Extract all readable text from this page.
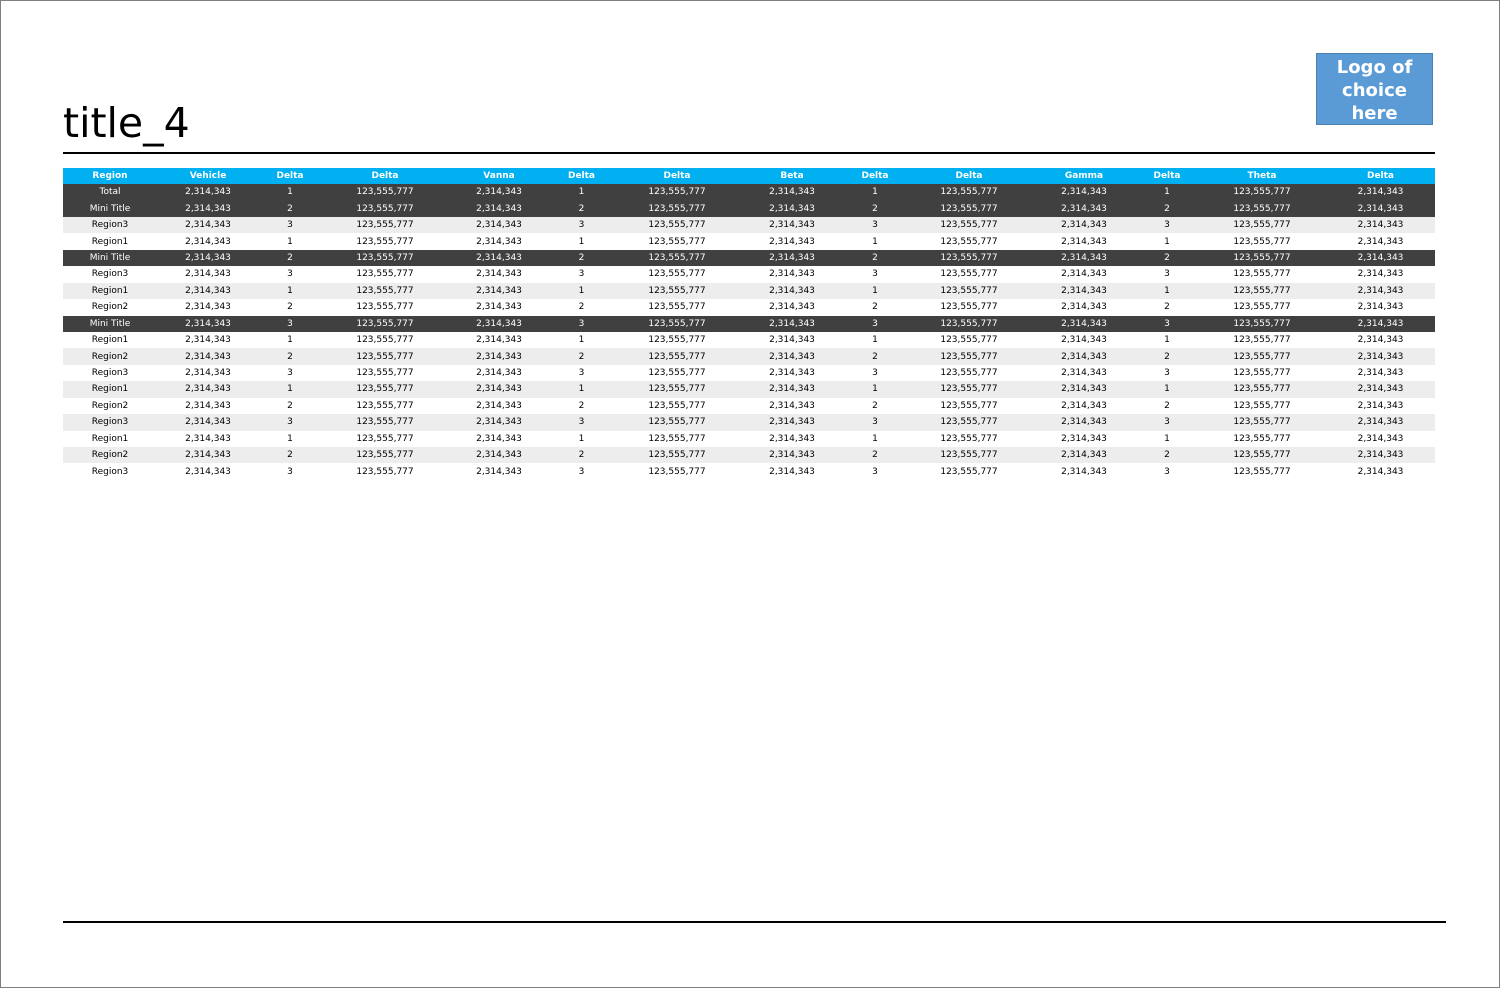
title_4
Logo of
choice
here
Region	Vehicle	Delta	Delta	Vanna	Delta	Delta	Beta	Delta	Delta	Gamma	Delta	Theta	Delta
Total	2,314,343	1	123,555,777	2,314,343	1	123,555,777	2,314,343	1	123,555,777	2,314,343	1	123,555,777	2,314,343
Mini Title	2,314,343	2	123,555,777	2,314,343	2	123,555,777	2,314,343	2	123,555,777	2,314,343	2	123,555,777	2,314,343
Region3	2,314,343	3	123,555,777	2,314,343	3	123,555,777	2,314,343	3	123,555,777	2,314,343	3	123,555,777	2,314,343
Region1	2,314,343	1	123,555,777	2,314,343	1	123,555,777	2,314,343	1	123,555,777	2,314,343	1	123,555,777	2,314,343
Mini Title	2,314,343	2	123,555,777	2,314,343	2	123,555,777	2,314,343	2	123,555,777	2,314,343	2	123,555,777	2,314,343
Region3	2,314,343	3	123,555,777	2,314,343	3	123,555,777	2,314,343	3	123,555,777	2,314,343	3	123,555,777	2,314,343
Region1	2,314,343	1	123,555,777	2,314,343	1	123,555,777	2,314,343	1	123,555,777	2,314,343	1	123,555,777	2,314,343
Region2	2,314,343	2	123,555,777	2,314,343	2	123,555,777	2,314,343	2	123,555,777	2,314,343	2	123,555,777	2,314,343
Mini Title	2,314,343	3	123,555,777	2,314,343	3	123,555,777	2,314,343	3	123,555,777	2,314,343	3	123,555,777	2,314,343
Region1	2,314,343	1	123,555,777	2,314,343	1	123,555,777	2,314,343	1	123,555,777	2,314,343	1	123,555,777	2,314,343
Region2	2,314,343	2	123,555,777	2,314,343	2	123,555,777	2,314,343	2	123,555,777	2,314,343	2	123,555,777	2,314,343
Region3	2,314,343	3	123,555,777	2,314,343	3	123,555,777	2,314,343	3	123,555,777	2,314,343	3	123,555,777	2,314,343
Region1	2,314,343	1	123,555,777	2,314,343	1	123,555,777	2,314,343	1	123,555,777	2,314,343	1	123,555,777	2,314,343
Region2	2,314,343	2	123,555,777	2,314,343	2	123,555,777	2,314,343	2	123,555,777	2,314,343	2	123,555,777	2,314,343
Region3	2,314,343	3	123,555,777	2,314,343	3	123,555,777	2,314,343	3	123,555,777	2,314,343	3	123,555,777	2,314,343
Region1	2,314,343	1	123,555,777	2,314,343	1	123,555,777	2,314,343	1	123,555,777	2,314,343	1	123,555,777	2,314,343
Region2	2,314,343	2	123,555,777	2,314,343	2	123,555,777	2,314,343	2	123,555,777	2,314,343	2	123,555,777	2,314,343
Region3	2,314,343	3	123,555,777	2,314,343	3	123,555,777	2,314,343	3	123,555,777	2,314,343	3	123,555,777	2,314,343
